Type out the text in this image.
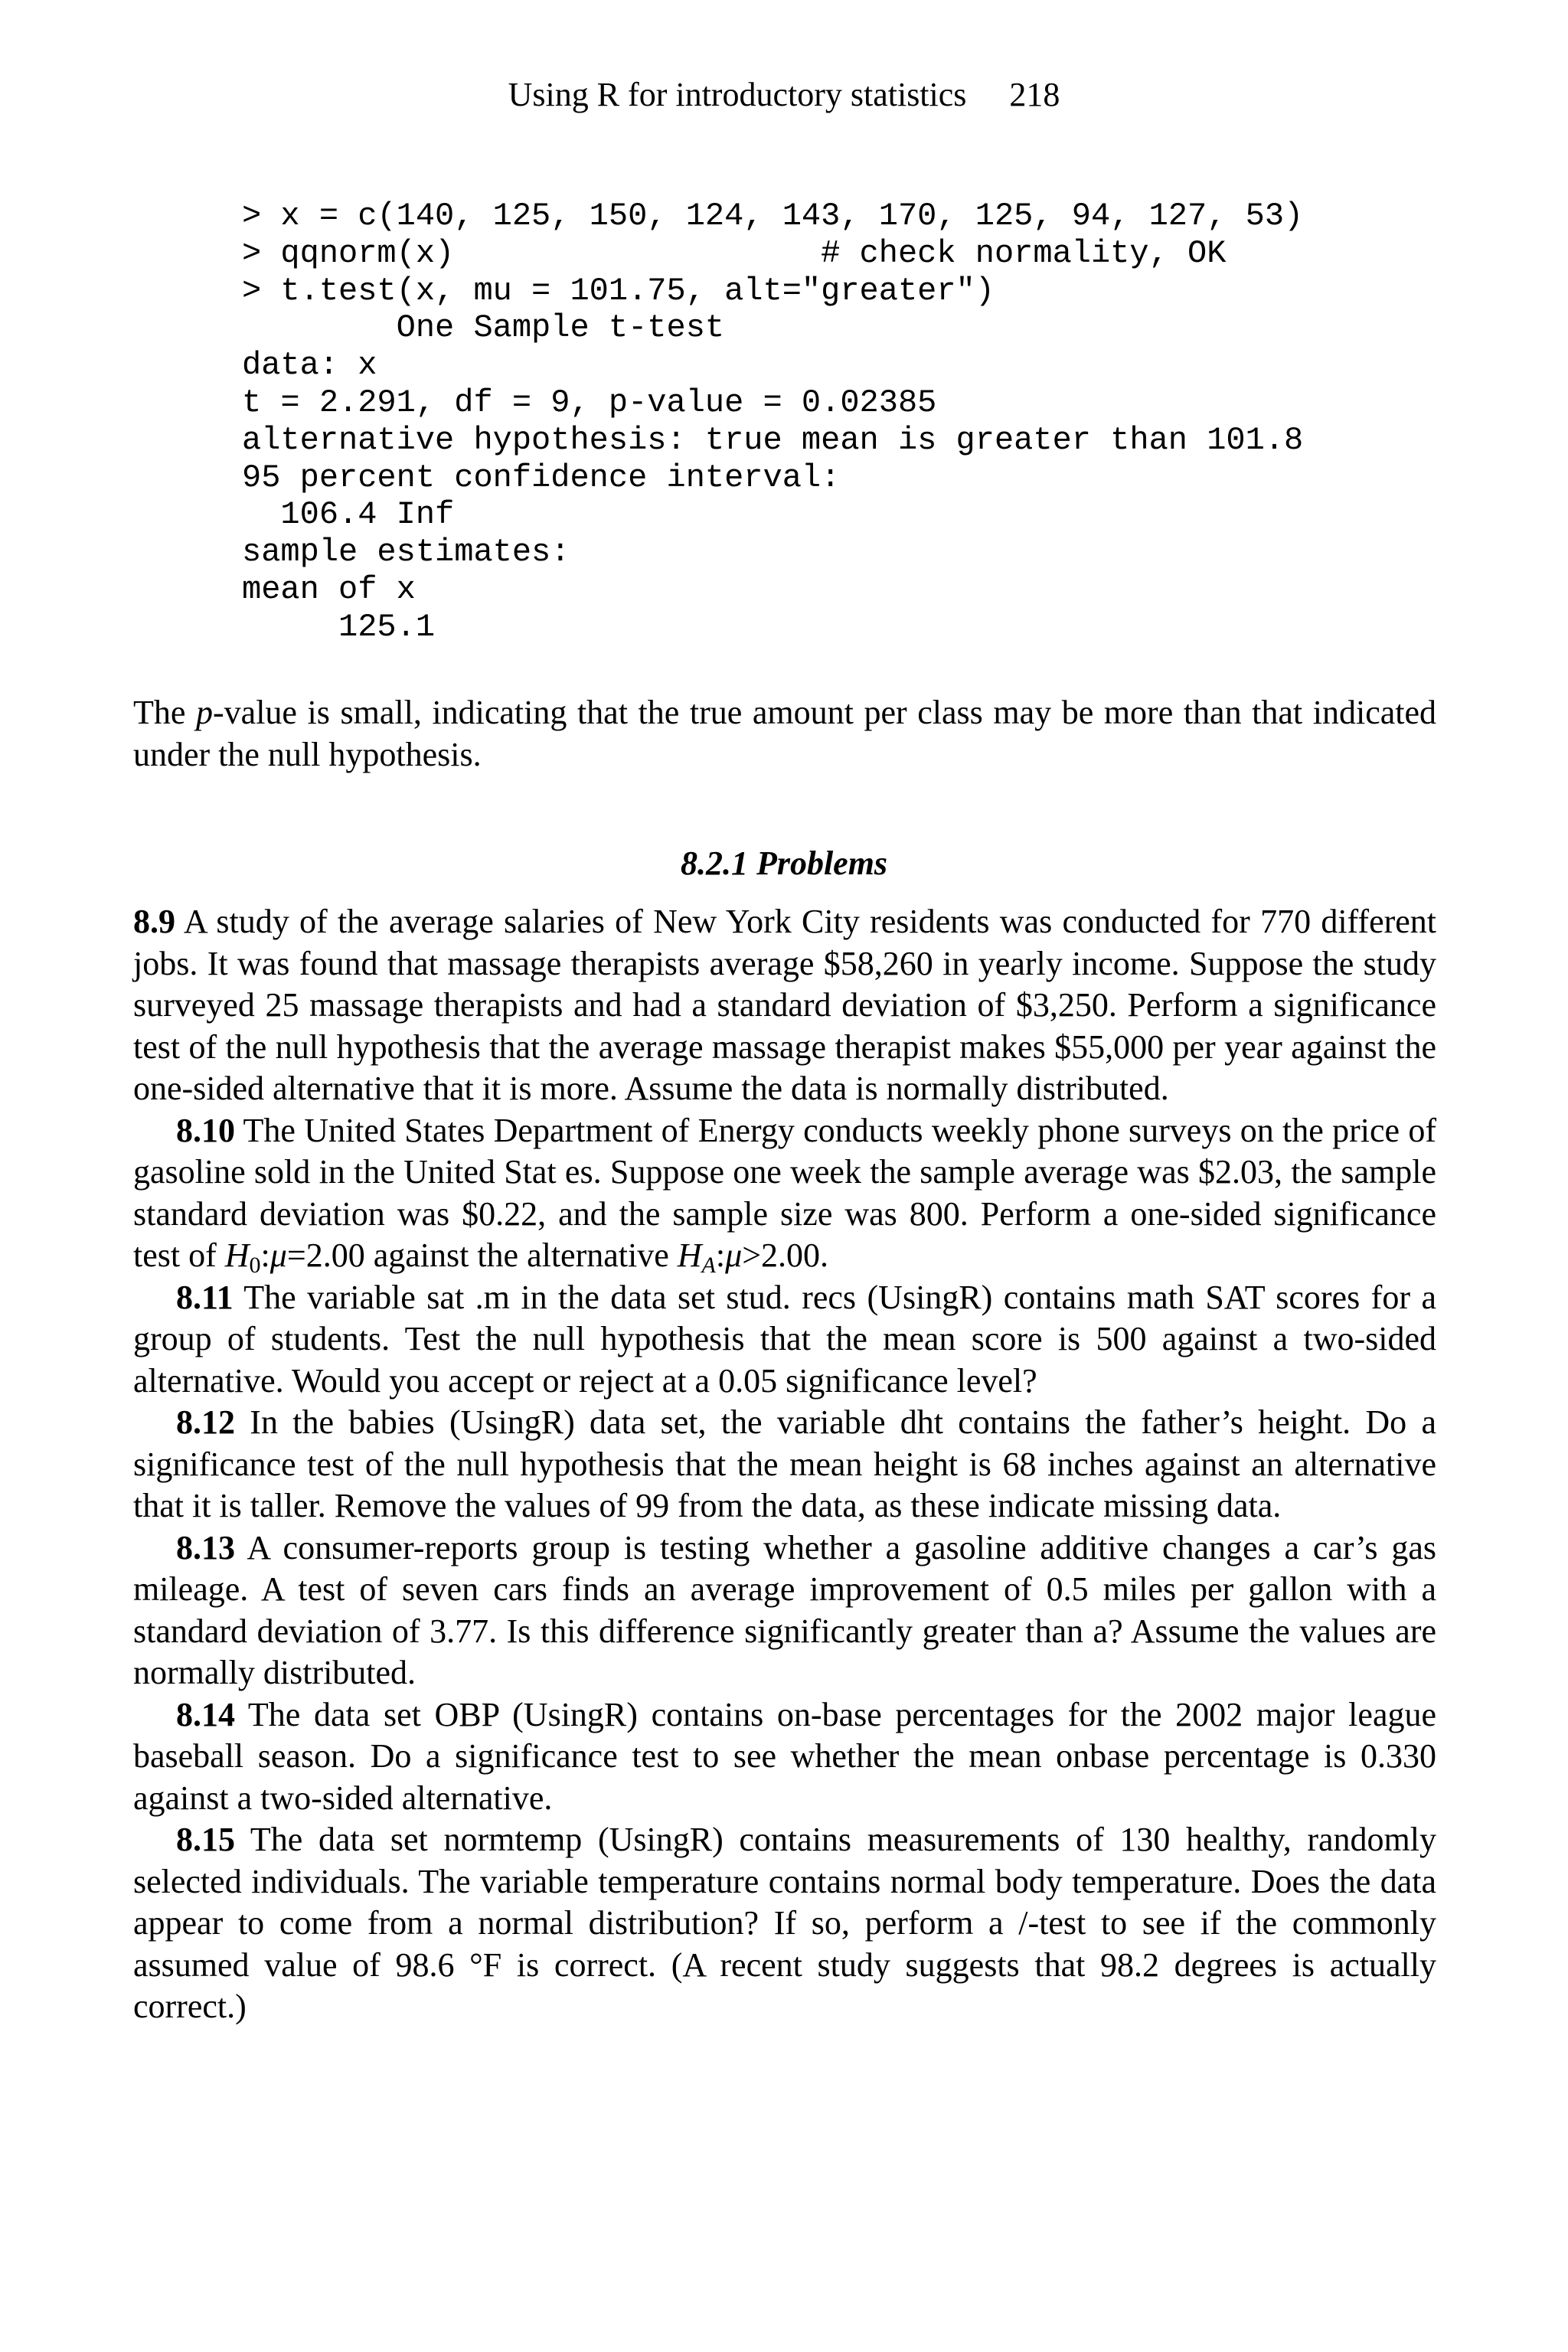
Using R for introductory statistics 218
> x = c(140, 125, 150, 124, 143, 170, 125, 94, 127, 53)
> qqnorm(x)                   # check normality, OK
> t.test(x, mu = 101.75, alt="greater")
One Sample t-test
data: x
t = 2.291, df = 9, p-value = 0.02385
alternative hypothesis: true mean is greater than 101.8
95 percent confidence interval:
106.4 Inf
sample estimates:
mean of x
125.1

The p-value is small, indicating that the true amount per class may be more than that indicated under the null hypothesis.

8.2.1 Problems

8.9 A study of the average salaries of New York City residents was conducted for 770 different jobs. It was found that massage therapists average $58,260 in yearly income. Suppose the study surveyed 25 massage therapists and had a standard deviation of $3,250. Perform a significance test of the null hypothesis that the average massage therapist makes $55,000 per year against the one-sided alternative that it is more. Assume the data is normally distributed.

8.10 The United States Department of Energy conducts weekly phone surveys on the price of gasoline sold in the United Stat es. Suppose one week the sample average was $2.03, the sample standard deviation was $0.22, and the sample size was 800. Perform a one-sided significance test of $H_0:\mu=2.00$ against the alternative $H_A:\mu>2.00$.

8.11 The variable sat .m in the data set stud. recs (UsingR) contains math SAT scores for a group of students. Test the null hypothesis that the mean score is 500 against a two-sided alternative. Would you accept or reject at a 0.05 significance level?

8.12 In the babies (UsingR) data set, the variable dht contains the father’s height. Do a significance test of the null hypothesis that the mean height is 68 inches against an alternative that it is taller. Remove the values of 99 from the data, as these indicate missing data.

8.13 A consumer-reports group is testing whether a gasoline additive changes a car’s gas mileage. A test of seven cars finds an average improvement of 0.5 miles per gallon with a standard deviation of 3.77. Is this difference significantly greater than a? Assume the values are normally distributed.

8.14 The data set OBP (UsingR) contains on-base percentages for the 2002 major league baseball season. Do a significance test to see whether the mean onbase percentage is 0.330 against a two-sided alternative.

8.15 The data set normtemp (UsingR) contains measurements of 130 healthy, randomly selected individuals. The variable temperature contains normal body temperature. Does the data appear to come from a normal distribution? If so, perform a /-test to see if the commonly assumed value of 98.6 °F is correct. (A recent study suggests that 98.2 degrees is actually correct.)
